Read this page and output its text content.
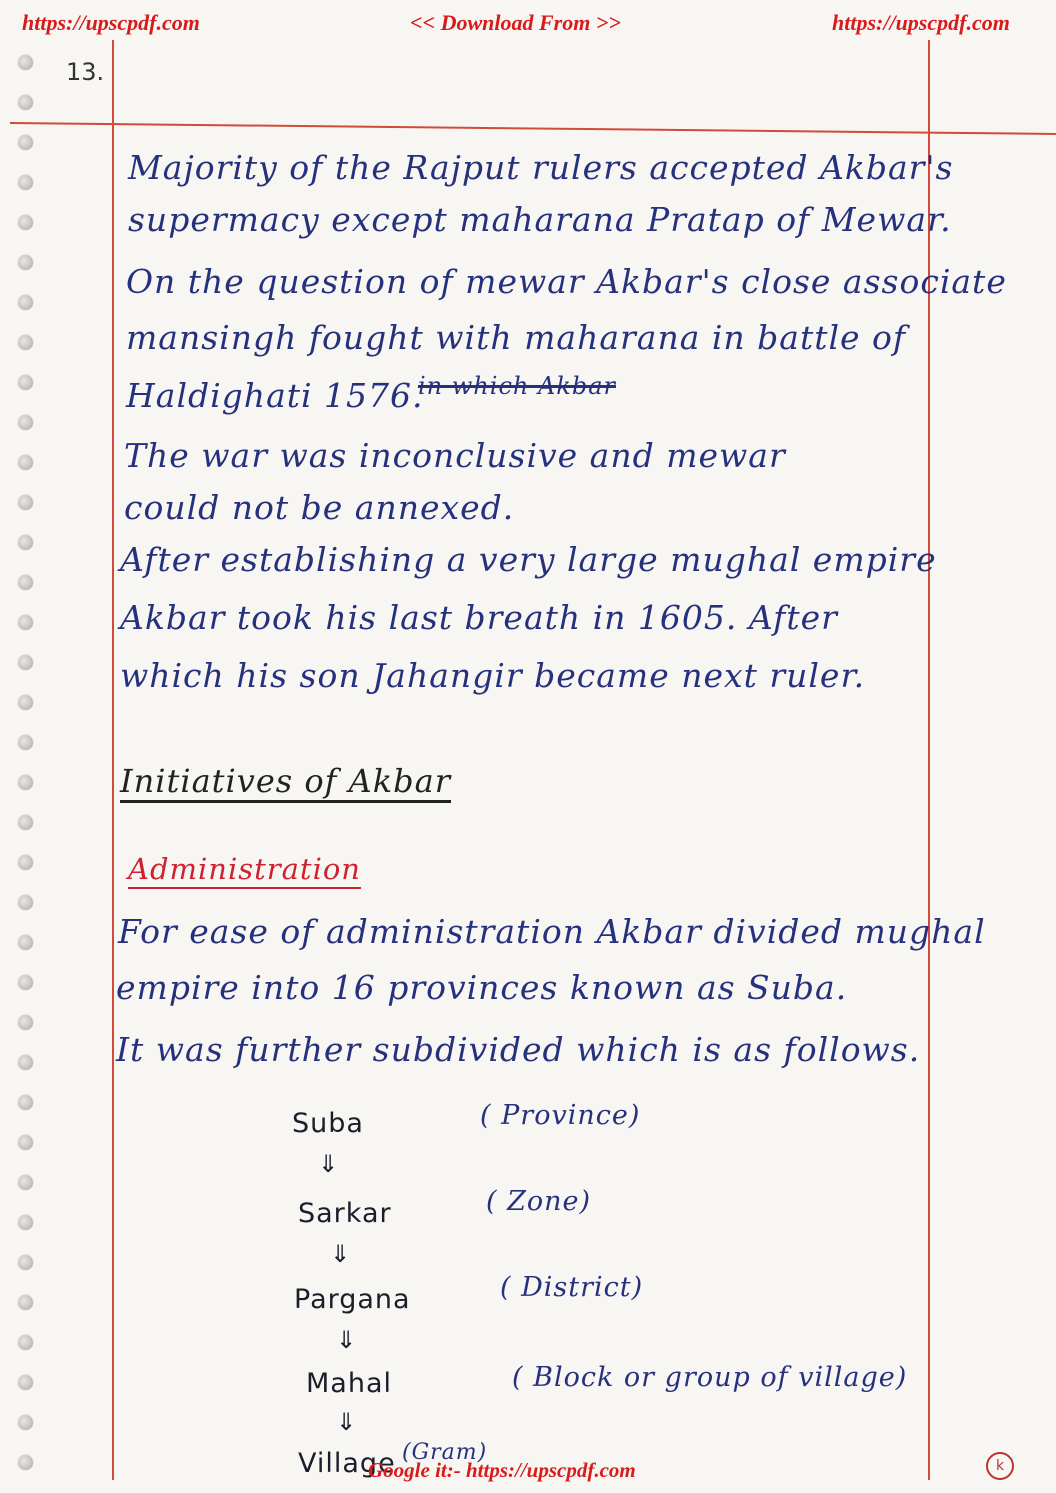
https://upscpdf.com	<< Download From >>	https://upscpdf.com
13.
Majority of the Rajput rulers accepted Akbar's
supermacy except maharana Pratap of Mewar.
On the question of mewar Akbar's close associate
mansingh fought with maharana in battle of
Haldighati 1576.
in which Akbar
The war was inconclusive and mewar
could not be annexed.
After establishing a very large mughal empire
Akbar took his last breath in 1605. After
which his son Jahangir became next ruler.
Initiatives of Akbar
Administration
For ease of administration Akbar divided mughal
empire into 16 provinces known as Suba.
It was further subdivided which is as follows.
Suba	( Province)
⇓
Sarkar	( Zone)
⇓
Pargana	( District)
⇓
Mahal	( Block or group of village)
⇓
Village (Gram)
Google it:- https://upscpdf.com	k
